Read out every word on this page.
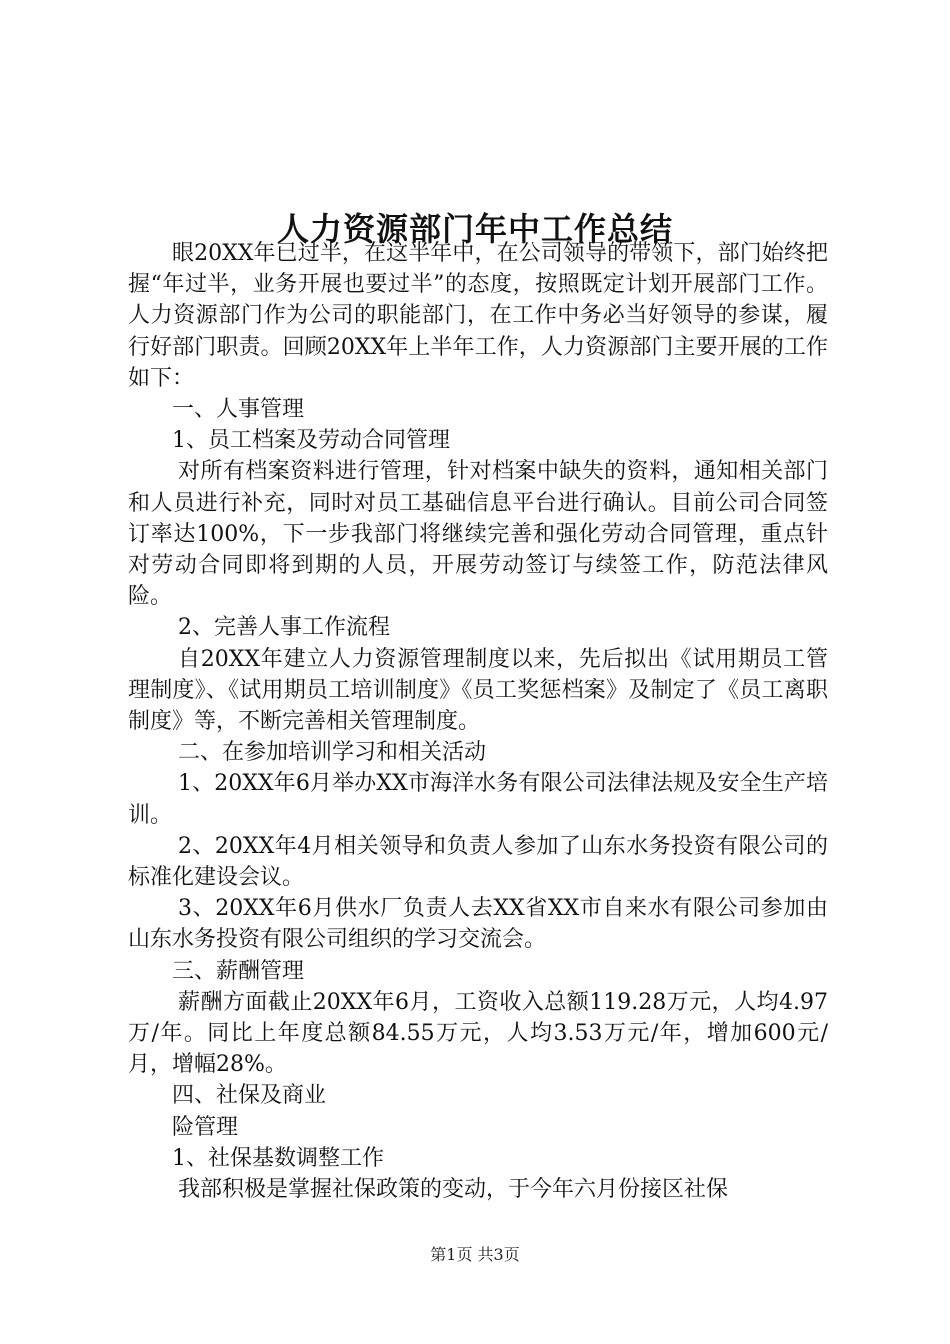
人力资源部门年中工作总结

眼20XX年已过半，在这半年中，在公司领导的带领下，部门始终把握“年过半，业务开展也要过半”的态度，按照既定计划开展部门工作。人力资源部门作为公司的职能部门，在工作中务必当好领导的参谋，履行好部门职责。回顾20XX年上半年工作，人力资源部门主要开展的工作如下：

一、人事管理

1、员工档案及劳动合同管理

对所有档案资料进行管理，针对档案中缺失的资料，通知相关部门和人员进行补充，同时对员工基础信息平台进行确认。目前公司合同签订率达100%，下一步我部门将继续完善和强化劳动合同管理，重点针对劳动合同即将到期的人员，开展劳动签订与续签工作，防范法律风险。

2、完善人事工作流程

自20XX年建立人力资源管理制度以来，先后拟出《试用期员工管理制度》、《试用期员工培训制度》《员工奖惩档案》及制定了《员工离职制度》等，不断完善相关管理制度。

二、在参加培训学习和相关活动

1、20XX年6月举办XX市海洋水务有限公司法律法规及安全生产培训。

2、20XX年4月相关领导和负责人参加了山东水务投资有限公司的标准化建设会议。

3、20XX年6月供水厂负责人去XX省XX市自来水有限公司参加由山东水务投资有限公司组织的学习交流会。

三、薪酬管理

薪酬方面截止20XX年6月，工资收入总额119.28万元，人均4.97万/年。同比上年度总额84.55万元，人均3.53万元/年，增加600元/月，增幅28%。

四、社保及商业

险管理

1、社保基数调整工作

我部积极是掌握社保政策的变动，于今年六月份接区社保

第1页 共3页
